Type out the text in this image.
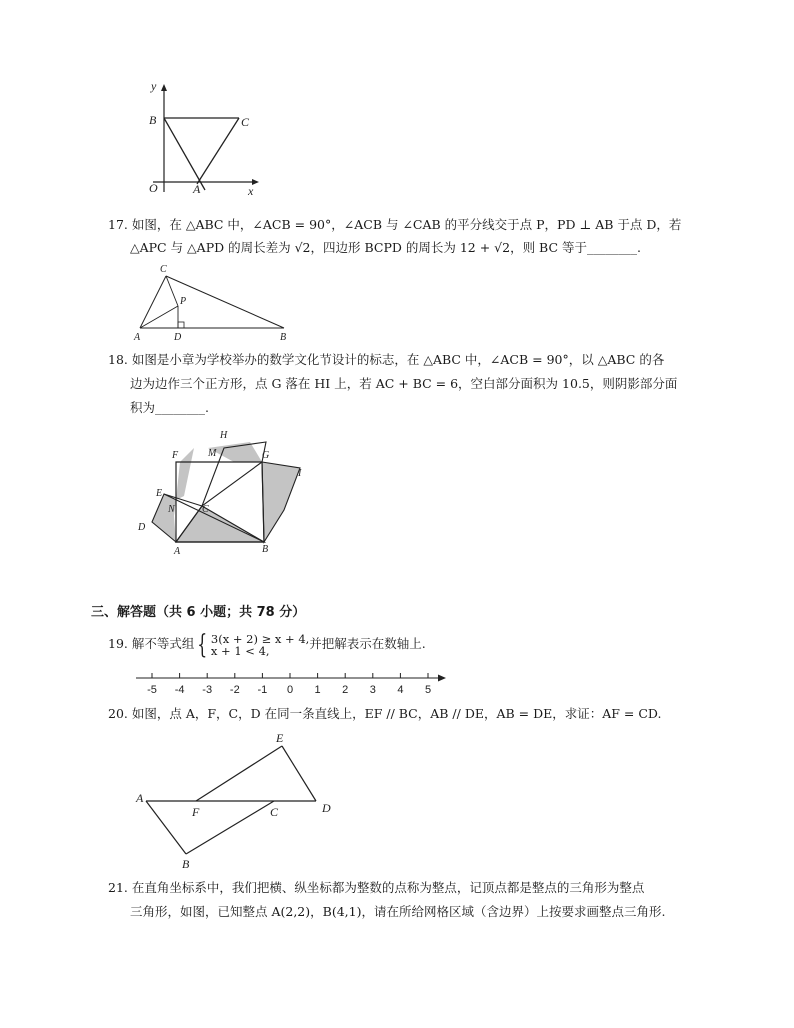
y
B	C
O	A	x
17. 如图，在 △ABC 中，∠ACB = 90°，∠ACB 与 ∠CAB 的平分线交于点 P，PD ⊥ AB 于点 D，若
△APC 与 △APD 的周长差为 √2，四边形 BCPD 的周长为 12 + √2，则 BC 等于________.
C
P
A	D	B
18. 如图是小章为学校举办的数学文化节设计的标志，在 △ABC 中，∠ACB = 90°，以 △ABC 的各
边为边作三个正方形，点 G 落在 HI 上，若 AC + BC = 6，空白部分面积为 10.5，则阴影部分面
积为________.
H
F	M	G
I
E
N	C
D
A	B
三、解答题（共 6 小题；共 78 分）
19. 解不等式组 { 3(x + 2) ≥ x + 4,
x + 1 < 4,	并把解表示在数轴上.
-5 -4 -3 -2 -1 0 1 2 3 4 5
20. 如图，点 A，F，C，D 在同一条直线上，EF // BC，AB // DE，AB = DE，求证：AF = CD.
E
A
F	C	D
B
21. 在直角坐标系中，我们把横、纵坐标都为整数的点称为整点，记顶点都是整点的三角形为整点
三角形，如图，已知整点 A(2,2)，B(4,1)，请在所给网格区域（含边界）上按要求画整点三角形.
